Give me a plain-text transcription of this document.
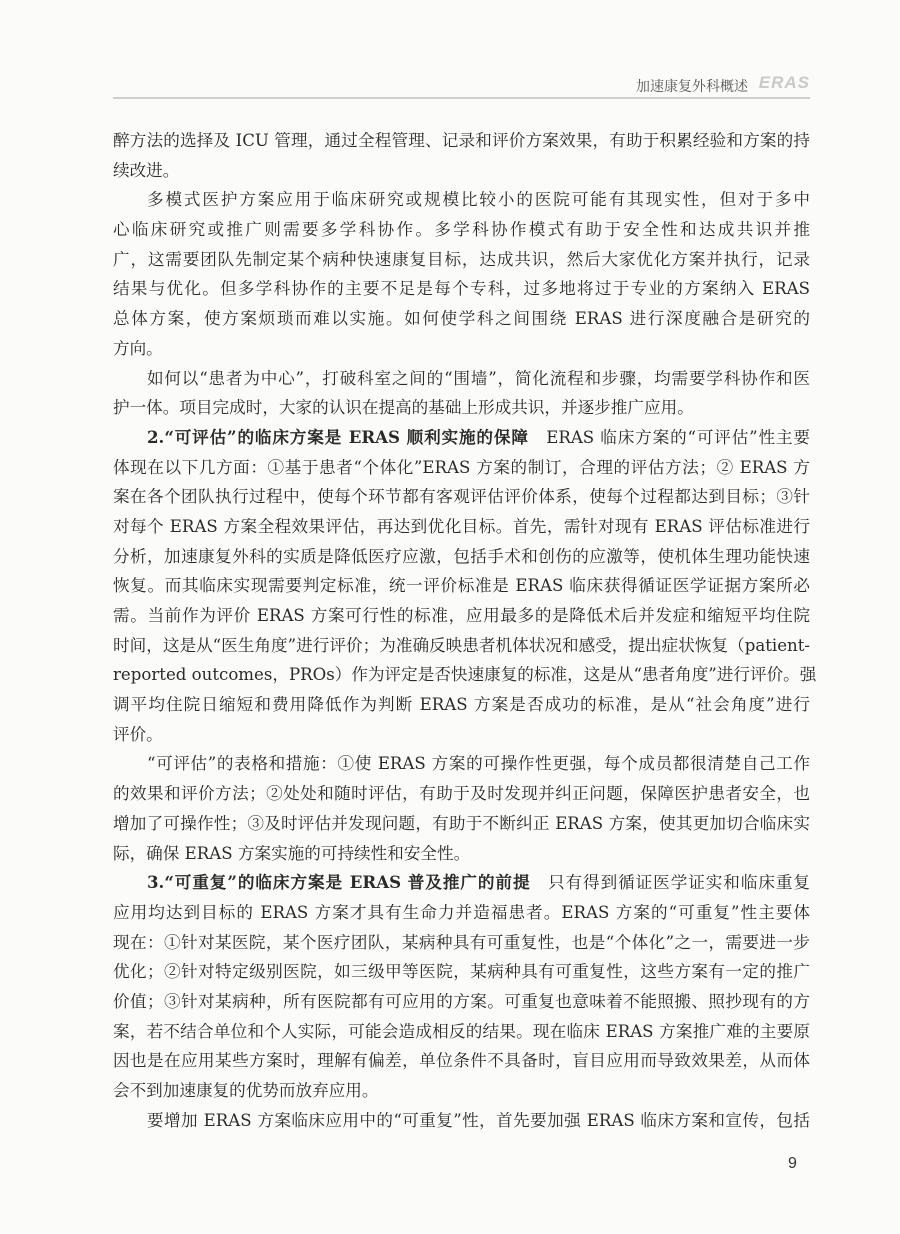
加速康复外科概述 ERAS
醉方法的选择及 ICU 管理，通过全程管理、记录和评价方案效果，有助于积累经验和方案的持
续改进。
多模式医护方案应用于临床研究或规模比较小的医院可能有其现实性，但对于多中
心临床研究或推广则需要多学科协作。多学科协作模式有助于安全性和达成共识并推
广，这需要团队先制定某个病种快速康复目标，达成共识，然后大家优化方案并执行，记录
结果与优化。但多学科协作的主要不足是每个专科，过多地将过于专业的方案纳入 ERAS
总体方案，使方案烦琐而难以实施。如何使学科之间围绕 ERAS 进行深度融合是研究的
方向。
如何以“患者为中心”，打破科室之间的“围墙”，简化流程和步骤，均需要学科协作和医
护一体。项目完成时，大家的认识在提高的基础上形成共识，并逐步推广应用。
2.“可评估”的临床方案是 ERAS 顺利实施的保障　ERAS 临床方案的“可评估”性主要
体现在以下几方面：①基于患者“个体化”ERAS 方案的制订，合理的评估方法；② ERAS 方
案在各个团队执行过程中，使每个环节都有客观评估评价体系，使每个过程都达到目标；③针
对每个 ERAS 方案全程效果评估，再达到优化目标。首先，需针对现有 ERAS 评估标准进行
分析，加速康复外科的实质是降低医疗应激，包括手术和创伤的应激等，使机体生理功能快速
恢复。而其临床实现需要判定标准，统一评价标准是 ERAS 临床获得循证医学证据方案所必
需。当前作为评价 ERAS 方案可行性的标准，应用最多的是降低术后并发症和缩短平均住院
时间，这是从“医生角度”进行评价；为准确反映患者机体状况和感受，提出症状恢复（patient-
reported outcomes，PROs）作为评定是否快速康复的标准，这是从“患者角度”进行评价。强
调平均住院日缩短和费用降低作为判断 ERAS 方案是否成功的标准，是从“社会角度”进行
评价。
“可评估”的表格和措施：①使 ERAS 方案的可操作性更强，每个成员都很清楚自己工作
的效果和评价方法；②处处和随时评估，有助于及时发现并纠正问题，保障医护患者安全，也
增加了可操作性；③及时评估并发现问题，有助于不断纠正 ERAS 方案，使其更加切合临床实
际，确保 ERAS 方案实施的可持续性和安全性。
3.“可重复”的临床方案是 ERAS 普及推广的前提　只有得到循证医学证实和临床重复
应用均达到目标的 ERAS 方案才具有生命力并造福患者。ERAS 方案的“可重复”性主要体
现在：①针对某医院，某个医疗团队，某病种具有可重复性，也是“个体化”之一，需要进一步
优化；②针对特定级别医院，如三级甲等医院，某病种具有可重复性，这些方案有一定的推广
价值；③针对某病种，所有医院都有可应用的方案。可重复也意味着不能照搬、照抄现有的方
案，若不结合单位和个人实际，可能会造成相反的结果。现在临床 ERAS 方案推广难的主要原
因也是在应用某些方案时，理解有偏差，单位条件不具备时，盲目应用而导致效果差，从而体
会不到加速康复的优势而放弃应用。
要增加 ERAS 方案临床应用中的“可重复”性，首先要加强 ERAS 临床方案和宣传，包括
9
